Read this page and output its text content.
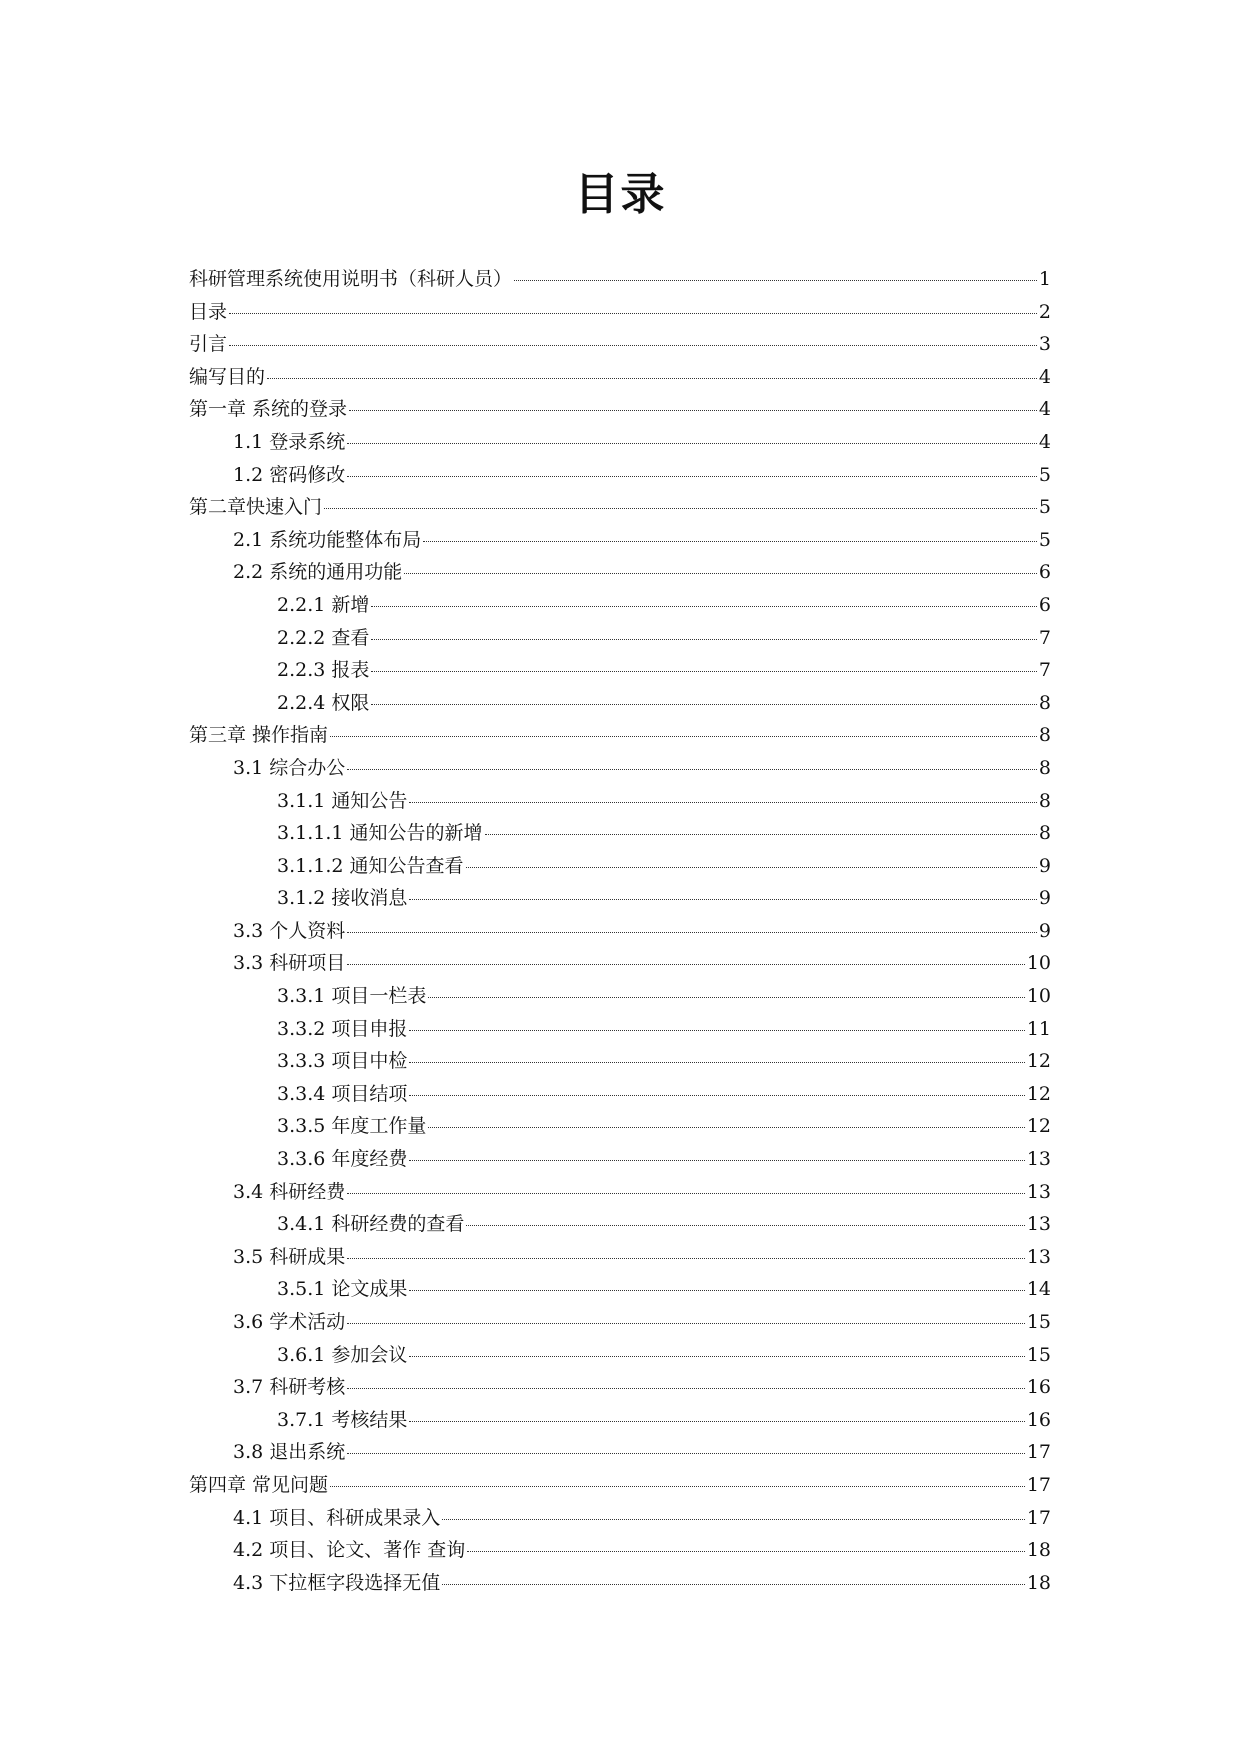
目录
科研管理系统使用说明书（科研人员）	1
目录	2
引言	3
编写目的	4
第一章 系统的登录	4
1.1 登录系统	4
1.2 密码修改	5
第二章快速入门	5
2.1 系统功能整体布局	5
2.2 系统的通用功能	6
2.2.1 新增	6
2.2.2 查看	7
2.2.3 报表	7
2.2.4 权限	8
第三章 操作指南	8
3.1 综合办公	8
3.1.1 通知公告	8
3.1.1.1 通知公告的新增	8
3.1.1.2 通知公告查看	9
3.1.2 接收消息	9
3.3 个人资料	9
3.3 科研项目	10
3.3.1 项目一栏表	10
3.3.2 项目申报	11
3.3.3 项目中检	12
3.3.4 项目结项	12
3.3.5 年度工作量	12
3.3.6 年度经费	13
3.4 科研经费	13
3.4.1 科研经费的查看	13
3.5 科研成果	13
3.5.1 论文成果	14
3.6 学术活动	15
3.6.1 参加会议	15
3.7 科研考核	16
3.7.1 考核结果	16
3.8 退出系统	17
第四章 常见问题	17
4.1 项目、科研成果录入	17
4.2 项目、论文、著作 查询	18
4.3 下拉框字段选择无值	18
